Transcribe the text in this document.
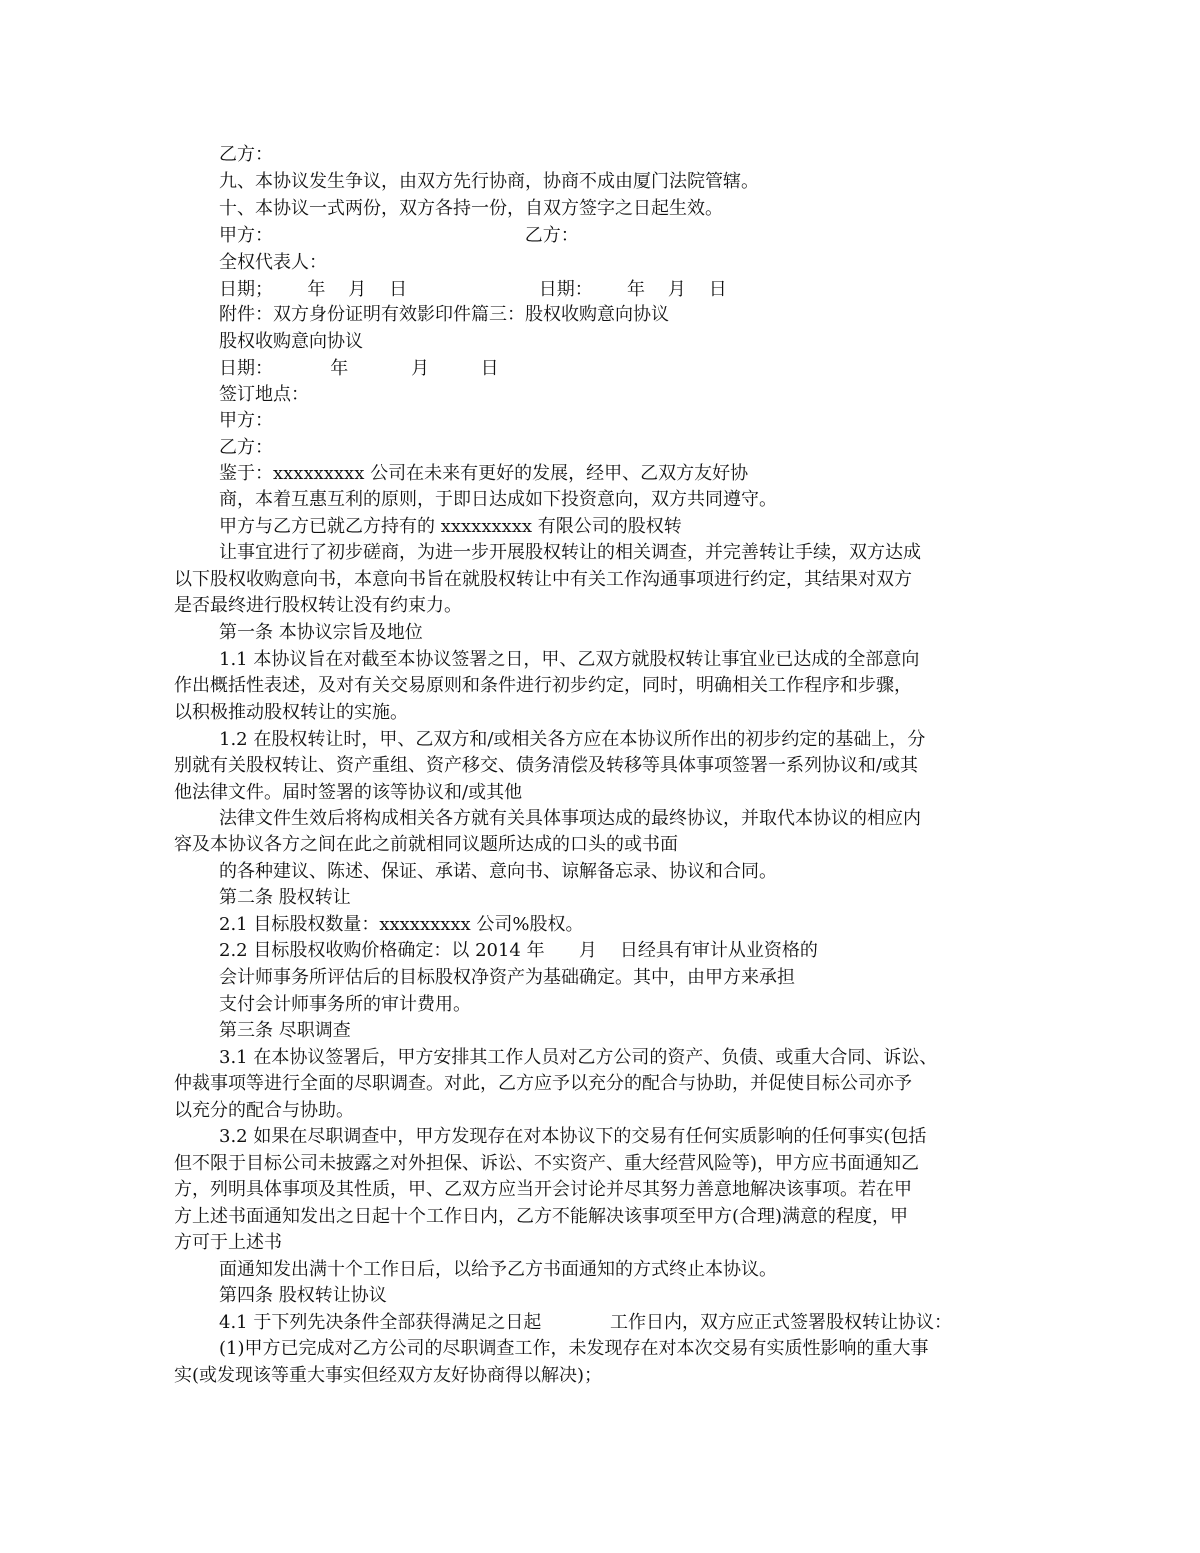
乙方：
九、本协议发生争议，由双方先行协商，协商不成由厦门法院管辖。
十、本协议一式两份，双方各持一份，自双方签字之日起生效。
甲方：                                            乙方：
全权代表人：
日期；      年    月    日                       日期：      年    月    日
附件：双方身份证明有效影印件篇三：股权收购意向协议
股权收购意向协议
日期：          年           月         日
签订地点：
甲方：
乙方：
鉴于：xxxxxxxxx 公司在未来有更好的发展，经甲、乙双方友好协
商，本着互惠互利的原则，于即日达成如下投资意向，双方共同遵守。
甲方与乙方已就乙方持有的 xxxxxxxxx 有限公司的股权转
让事宜进行了初步磋商，为进一步开展股权转让的相关调查，并完善转让手续，双方达成
以下股权收购意向书，本意向书旨在就股权转让中有关工作沟通事项进行约定，其结果对双方
是否最终进行股权转让没有约束力。
第一条 本协议宗旨及地位
1.1 本协议旨在对截至本协议签署之日，甲、乙双方就股权转让事宜业已达成的全部意向
作出概括性表述，及对有关交易原则和条件进行初步约定，同时，明确相关工作程序和步骤，
以积极推动股权转让的实施。
1.2 在股权转让时，甲、乙双方和/或相关各方应在本协议所作出的初步约定的基础上，分
别就有关股权转让、资产重组、资产移交、债务清偿及转移等具体事项签署一系列协议和/或其
他法律文件。届时签署的该等协议和/或其他
法律文件生效后将构成相关各方就有关具体事项达成的最终协议，并取代本协议的相应内
容及本协议各方之间在此之前就相同议题所达成的口头的或书面
的各种建议、陈述、保证、承诺、意向书、谅解备忘录、协议和合同。
第二条 股权转让
2.1 目标股权数量：xxxxxxxxx 公司%股权。
2.2 目标股权收购价格确定：以 2014 年      月    日经具有审计从业资格的
会计师事务所评估后的目标股权净资产为基础确定。其中，由甲方来承担
支付会计师事务所的审计费用。
第三条 尽职调查
3.1 在本协议签署后，甲方安排其工作人员对乙方公司的资产、负债、或重大合同、诉讼、
仲裁事项等进行全面的尽职调查。对此，乙方应予以充分的配合与协助，并促使目标公司亦予
以充分的配合与协助。
3.2 如果在尽职调查中，甲方发现存在对本协议下的交易有任何实质影响的任何事实(包括
但不限于目标公司未披露之对外担保、诉讼、不实资产、重大经营风险等)，甲方应书面通知乙
方，列明具体事项及其性质，甲、乙双方应当开会讨论并尽其努力善意地解决该事项。若在甲
方上述书面通知发出之日起十个工作日内，乙方不能解决该事项至甲方(合理)满意的程度，甲
方可于上述书
面通知发出满十个工作日后，以给予乙方书面通知的方式终止本协议。
第四条 股权转让协议
4.1 于下列先决条件全部获得满足之日起            工作日内，双方应正式签署股权转让协议：
(1)甲方已完成对乙方公司的尽职调查工作，未发现存在对本次交易有实质性影响的重大事
实(或发现该等重大事实但经双方友好协商得以解决)；
